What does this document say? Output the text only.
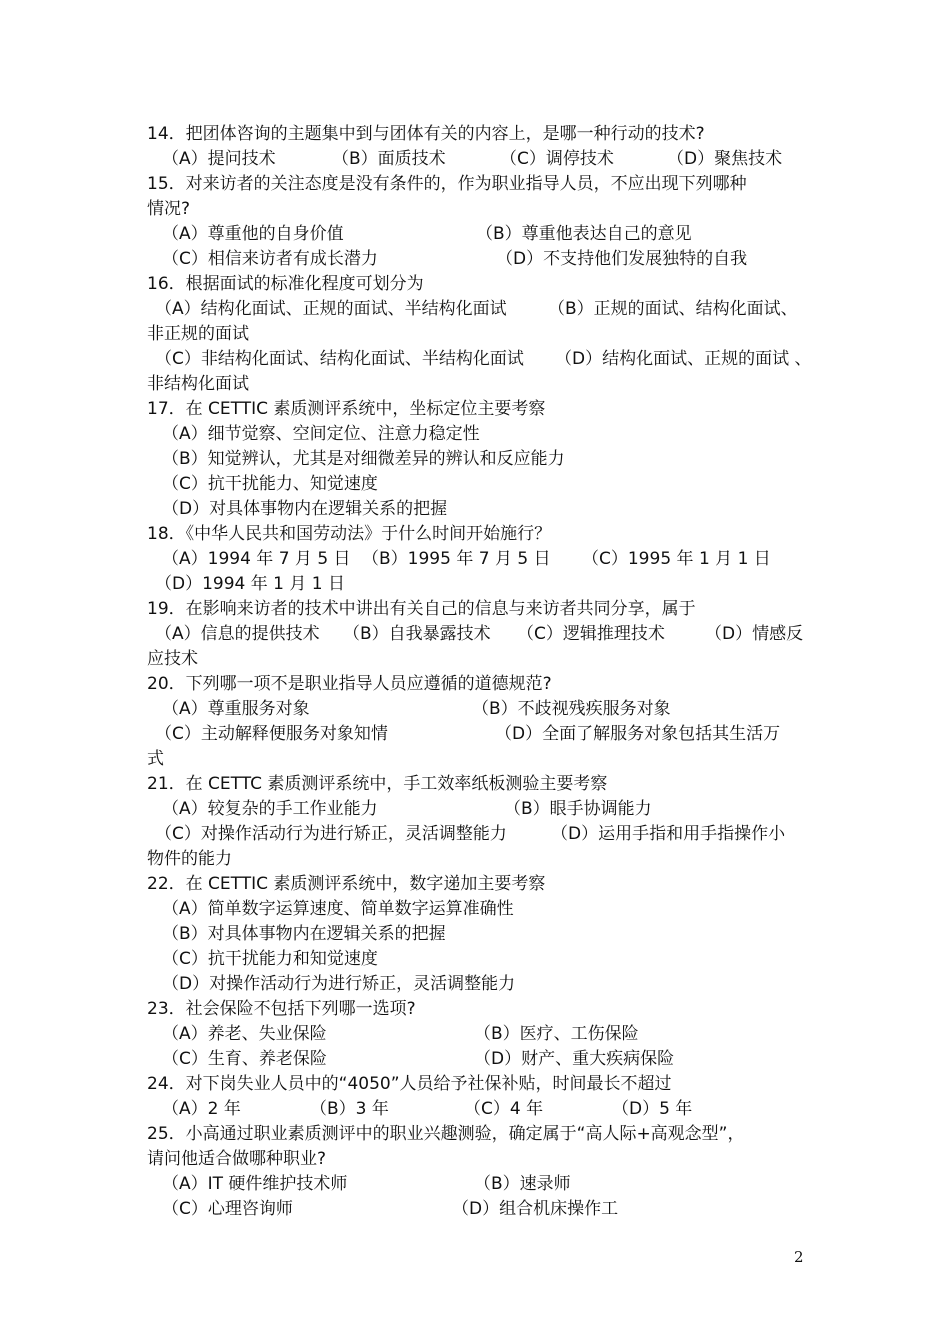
14．把团体咨询的主题集中到与团体有关的内容上，是哪一种行动的技术?
（A）提问技术	（B）面质技术	（C）调停技术	（D）聚焦技术
15．对来访者的关注态度是没有条件的，作为职业指导人员，不应出现下列哪种
情况?
（A）尊重他的自身价值	（B）尊重他表达自己的意见
（C）相信来访者有成长潜力	（D）不支持他们发展独特的自我
16．根据面试的标准化程度可划分为
（A）结构化面试、正规的面试、半结构化面试 （B）正规的面试、结构化面试、
非正规的面试
（C）非结构化面试、结构化面试、半结构化面试 （D）结构化面试、正规的面试 、
非结构化面试
17．在 CETTIC 素质测评系统中，坐标定位主要考察
（A）细节觉察、空间定位、注意力稳定性
（B）知觉辨认，尤其是对细微差异的辨认和反应能力
（C）抗干扰能力、知觉速度
（D）对具体事物内在逻辑关系的把握
18．《中华人民共和国劳动法》于什么时间开始施行？
（A）1994 年 7 月 5 日 （B）1995 年 7 月 5 日 （C）1995 年 1 月 1 日
（D）1994 年 1 月 1 日
19．在影响来访者的技术中讲出有关自己的信息与来访者共同分享，属于
（A）信息的提供技术 （B）自我暴露技术 （C）逻辑推理技术 （D）情感反
应技术
20．下列哪一项不是职业指导人员应遵循的道德规范?
（A）尊重服务对象	（B）不歧视残疾服务对象
（C）主动解释便服务对象知情	（D）全面了解服务对象包括其生活万
式
21．在 CETTC 素质测评系统中，手工效率纸板测验主要考察
（A）较复杂的手工作业能力	（B）眼手协调能力
（C）对操作活动行为进行矫正，灵活调整能力	（D）运用手指和用手指操作小
物件的能力
22．在 CETTIC 素质测评系统中，数字递加主要考察
（A）简单数字运算速度、简单数字运算准确性
（B）对具体事物内在逻辑关系的把握
（C）抗干扰能力和知觉速度
（D）对操作活动行为进行矫正，灵活调整能力
23．社会保险不包括下列哪一选项?
（A）养老、失业保险	（B）医疗、工伤保险
（C）生育、养老保险	（D）财产、重大疾病保险
24．对下岗失业人员中的“4050”人员给予社保补贴，时间最长不超过
（A）2 年	（B）3 年	（C）4 年	（D）5 年
25．小高通过职业素质测评中的职业兴趣测验，确定属于“高人际+高观念型”，
请问他适合做哪种职业?
（A）IT 硬件维护技术师	（B）速录师
（C）心理咨询师	（D）组合机床操作工
2
